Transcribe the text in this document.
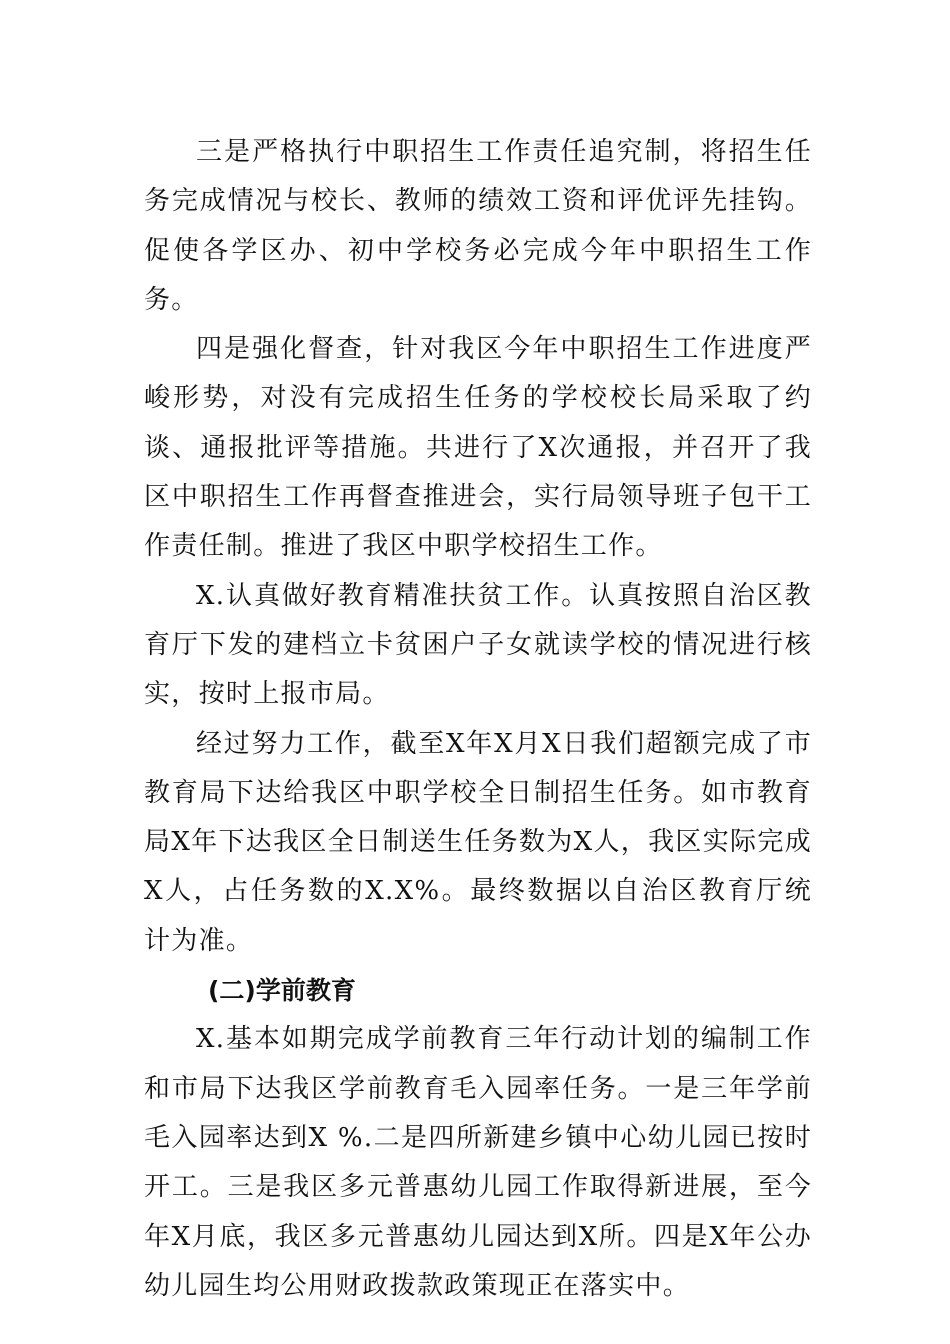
三是严格执行中职招生工作责任追究制，将招生任务完成情况与校长、教师的绩效工资和评优评先挂钩。促使各学区办、初中学校务必完成今年中职招生工作务。

四是强化督查，针对我区今年中职招生工作进度严峻形势，对没有完成招生任务的学校校长局采取了约谈、通报批评等措施。共进行了X次通报，并召开了我区中职招生工作再督查推进会，实行局领导班子包干工作责任制。推进了我区中职学校招生工作。

X.认真做好教育精准扶贫工作。认真按照自治区教育厅下发的建档立卡贫困户子女就读学校的情况进行核实，按时上报市局。

经过努力工作，截至X年X月X日我们超额完成了市教育局下达给我区中职学校全日制招生任务。如市教育局X年下达我区全日制送生任务数为X人，我区实际完成X人，占任务数的X.X%。最终数据以自治区教育厅统计为准。

(二)学前教育

X.基本如期完成学前教育三年行动计划的编制工作和市局下达我区学前教育毛入园率任务。一是三年学前毛入园率达到X %.二是四所新建乡镇中心幼儿园已按时开工。三是我区多元普惠幼儿园工作取得新进展，至今年X月底，我区多元普惠幼儿园达到X所。四是X年公办幼儿园生均公用财政拨款政策现正在落实中。
